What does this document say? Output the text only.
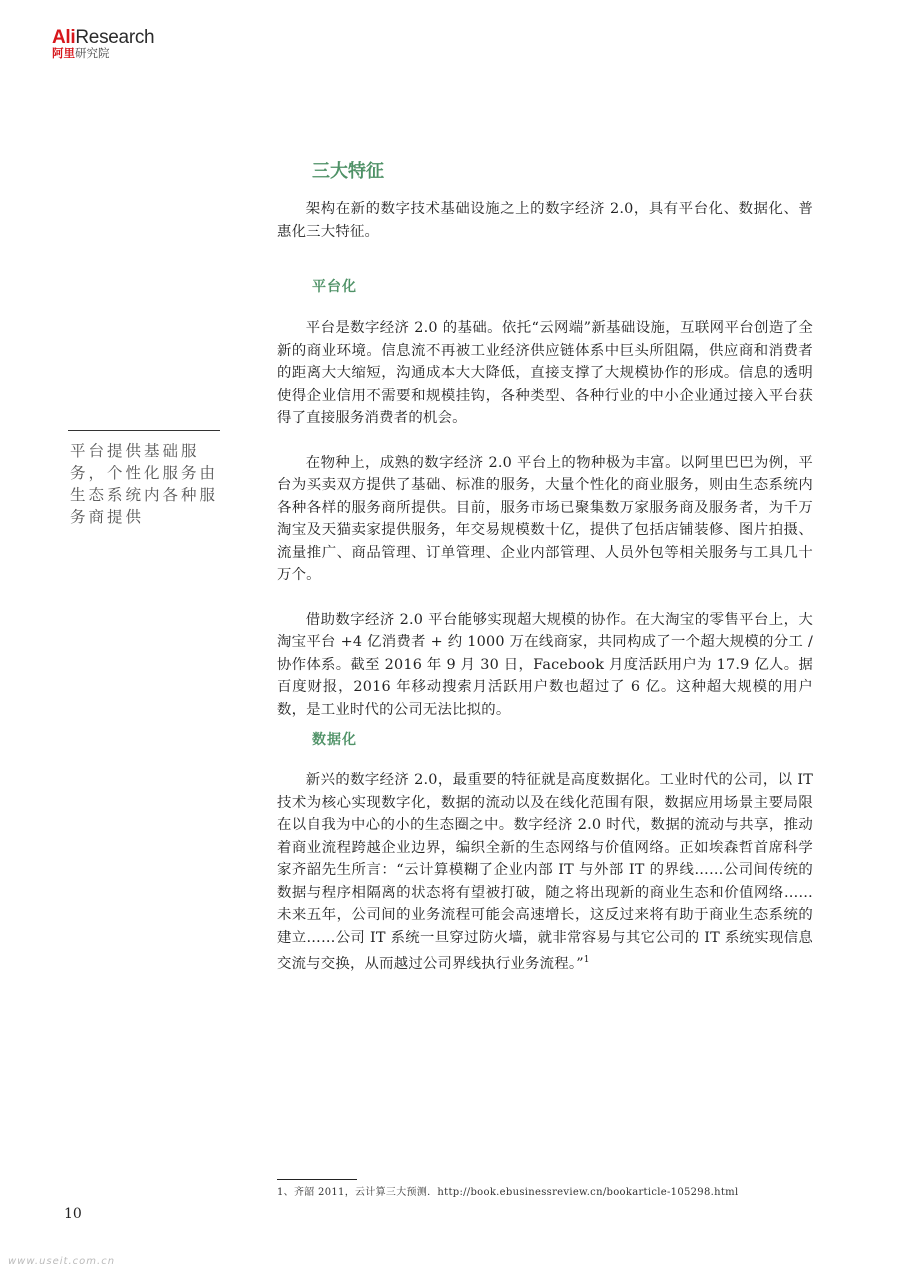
AliResearch
阿里研究院
三大特征

架构在新的数字技术基础设施之上的数字经济 2.0，具有平台化、数据化、普惠化三大特征。

平台化

平台是数字经济 2.0 的基础。依托“云网端”新基础设施，互联网平台创造了全新的商业环境。信息流不再被工业经济供应链体系中巨头所阻隔，供应商和消费者的距离大大缩短，沟通成本大大降低，直接支撑了大规模协作的形成。信息的透明使得企业信用不需要和规模挂钩，各种类型、各种行业的中小企业通过接入平台获得了直接服务消费者的机会。

在物种上，成熟的数字经济 2.0 平台上的物种极为丰富。以阿里巴巴为例，平台为买卖双方提供了基础、标准的服务，大量个性化的商业服务，则由生态系统内各种各样的服务商所提供。目前，服务市场已聚集数万家服务商及服务者，为千万淘宝及天猫卖家提供服务，年交易规模数十亿，提供了包括店铺装修、图片拍摄、流量推广、商品管理、订单管理、企业内部管理、人员外包等相关服务与工具几十万个。

借助数字经济 2.0 平台能够实现超大规模的协作。在大淘宝的零售平台上，大淘宝平台 +4 亿消费者 + 约 1000 万在线商家，共同构成了一个超大规模的分工 / 协作体系。截至 2016 年 9 月 30 日，Facebook 月度活跃用户为 17.9 亿人。据百度财报，2016 年移动搜索月活跃用户数也超过了 6 亿。这种超大规模的用户数，是工业时代的公司无法比拟的。

平台提供基础服务，个性化服务由生态系统内各种服务商提供

数据化

新兴的数字经济 2.0，最重要的特征就是高度数据化。工业时代的公司，以 IT 技术为核心实现数字化，数据的流动以及在线化范围有限，数据应用场景主要局限在以自我为中心的小的生态圈之中。数字经济 2.0 时代，数据的流动与共享，推动着商业流程跨越企业边界，编织全新的生态网络与价值网络。正如埃森哲首席科学家齐韶先生所言：“云计算模糊了企业内部 IT 与外部 IT 的界线……公司间传统的数据与程序相隔离的状态将有望被打破，随之将出现新的商业生态和价值网络……未来五年，公司间的业务流程可能会高速增长，这反过来将有助于商业生态系统的建立……公司 IT 系统一旦穿过防火墙，就非常容易与其它公司的 IT 系统实现信息交流与交换，从而越过公司界线执行业务流程。”$^1$

1、齐韶 2011，云计算三大预测．http://book.ebusinessreview.cn/bookarticle-105298.html

10
www.useit.com.cn
